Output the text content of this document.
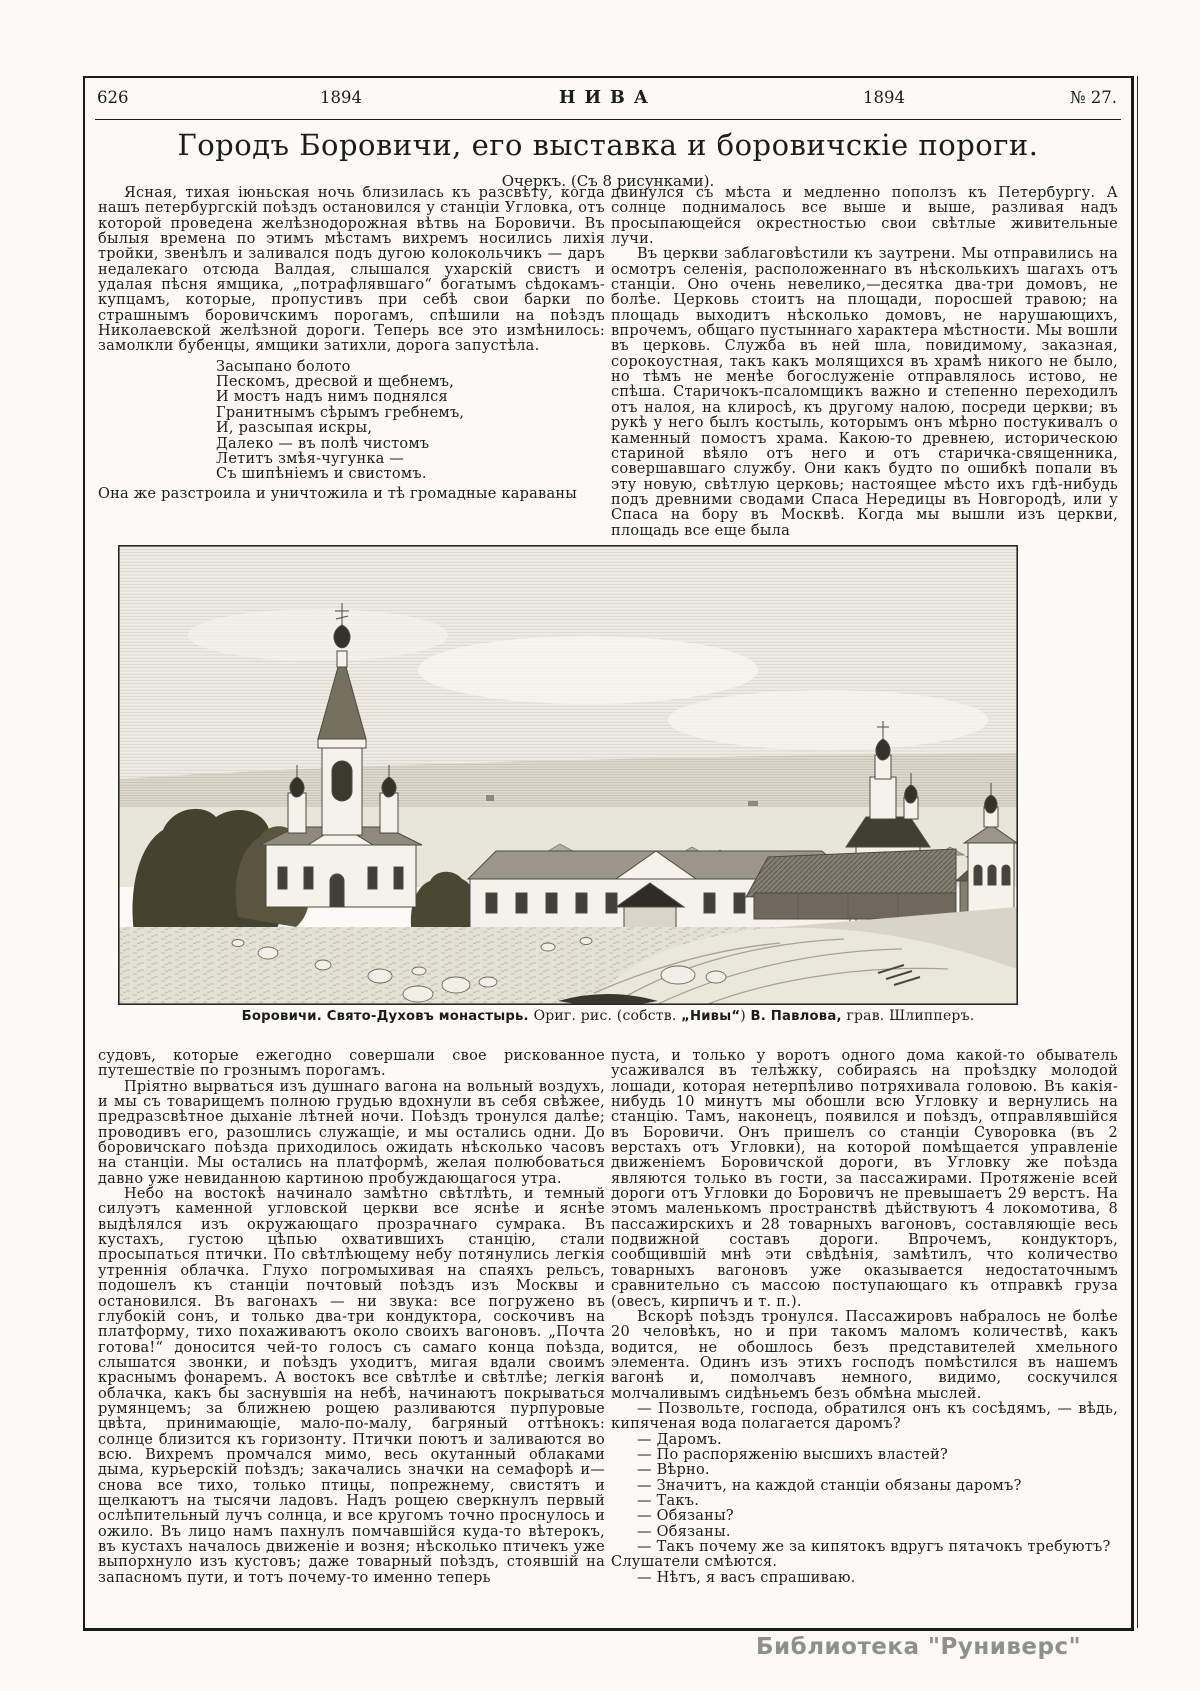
626	1894	НИВА	1894	№ 27.
Городъ Боровичи, его выставка и боровичскіе пороги.
Очеркъ. (Съ 8 рисунками).

Ясная, тихая іюньская ночь близилась къ разсвѣту, когда нашъ петербургскій поѣздъ остановился у станціи Угловка, отъ которой проведена желѣзнодорожная вѣтвь на Боровичи. Въ былыя времена по этимъ мѣстамъ вихремъ носились лихія тройки, звенѣлъ и заливался подъ дугою колокольчикъ — даръ недалекаго отсюда Валдая, слышался ухарскій свистъ и удалая пѣсня ямщика, „потрафлявшаго“ богатымъ сѣдокамъ-купцамъ, которые, пропустивъ при себѣ свои барки по страшнымъ боровичскимъ порогамъ, спѣшили на поѣздъ Николаевской желѣзной дороги. Теперь все это измѣнилось: замолкли бубенцы, ямщики затихли, дорога запустѣла.

Засыпано болото

Пескомъ, дресвой и щебнемъ,

И мостъ надъ нимъ поднялся

Гранитнымъ сѣрымъ гребнемъ,

И, разсыпая искры,

Далеко — въ полѣ чистомъ

Летитъ змѣя-чугунка —

Съ шипѣніемъ и свистомъ.

Она же разстроила и уничтожила и тѣ громадные караваны

двинулся съ мѣста и медленно поползъ къ Петербургу. А солнце поднималось все выше и выше, разливая надъ просыпающейся окрестностью свои свѣтлые живительные лучи.

Въ церкви заблаговѣстили къ заутрени. Мы отправились на осмотръ селенія, расположеннаго въ нѣсколькихъ шагахъ отъ станціи. Оно очень невелико,—десятка два-три домовъ, не болѣе. Церковь стоитъ на площади, поросшей травою; на площадь выходитъ нѣсколько домовъ, не нарушающихъ, впрочемъ, общаго пустыннаго характера мѣстности. Мы вошли въ церковь. Служба въ ней шла, повидимому, заказная, сорокоустная, такъ какъ молящихся въ храмѣ никого не было, но тѣмъ не менѣе богослуженіе отправлялось истово, не спѣша. Старичокъ-псаломщикъ важно и степенно переходилъ отъ налоя, на клиросѣ, къ другому налою, посреди церкви; въ рукѣ у него былъ костыль, которымъ онъ мѣрно постукивалъ о каменный помостъ храма. Какою-то древнею, историческою стариной вѣяло отъ него и отъ старичка-священника, совершавшаго службу. Они какъ будто по ошибкѣ попали въ эту новую, свѣтлую церковь; настоящее мѣсто ихъ гдѣ-нибудь подъ древними сводами Спаса Нередицы въ Новгородѣ, или у Спаса на бору въ Москвѣ. Когда мы вышли изъ церкви, площадь все еще была

Боровичи. Свято-Духовъ монастырь. Ориг. рис. (собств. „Нивы“) В. Павлова, грав. Шлипперъ.

судовъ, которые ежегодно совершали свое рискованное путешествіе по грознымъ порогамъ.

Пріятно вырваться изъ душнаго вагона на вольный воздухъ, и мы съ товарищемъ полною грудью вдохнули въ себя свѣжее, предразсвѣтное дыханіе лѣтней ночи. Поѣздъ тронулся далѣе; проводивъ его, разошлись служащіе, и мы остались одни. До боровичскаго поѣзда приходилось ожидать нѣсколько часовъ на станціи. Мы остались на платформѣ, желая полюбоваться давно уже невиданною картиною пробуждающагося утра.

Небо на востокѣ начинало замѣтно свѣтлѣть, и темный силуэтъ каменной угловской церкви все яснѣе и яснѣе выдѣлялся изъ окружающаго прозрачнаго сумрака. Въ кустахъ, густою цѣпью охватившихъ станцію, стали просыпаться птички. По свѣтлѣющему небу потянулись легкія утреннія облачка. Глухо погромыхивая на спаяхъ рельсъ, подошелъ къ станціи почтовый поѣздъ изъ Москвы и остановился. Въ вагонахъ — ни звука: все погружено въ глубокій сонъ, и только два-три кондуктора, соскочивъ на платформу, тихо похаживаютъ около своихъ вагоновъ. „Почта готова!“ доносится чей-то голосъ съ самаго конца поѣзда, слышатся звонки, и поѣздъ уходитъ, мигая вдали своимъ краснымъ фонаремъ. А востокъ все свѣтлѣе и свѣтлѣе; легкія облачка, какъ бы заснувшія на небѣ, начинаютъ покрываться румянцемъ; за ближнею рощею разливаются пурпуровые цвѣта, принимающіе, мало-по-малу, багряный оттѣнокъ: солнце близится къ горизонту. Птички поютъ и заливаются во всю. Вихремъ промчался мимо, весь окутанный облаками дыма, курьерскій поѣздъ; закачались значки на семафорѣ и—снова все тихо, только птицы, попрежнему, свистятъ и щелкаютъ на тысячи ладовъ. Надъ рощею сверкнулъ первый ослѣпительный лучъ солнца, и все кругомъ точно проснулось и ожило. Въ лицо намъ пахнулъ помчавшійся куда-то вѣтерокъ, въ кустахъ началось движеніе и возня; нѣсколько птичекъ уже выпорхнуло изъ кустовъ; даже товарный поѣздъ, стоявшій на запасномъ пути, и тотъ почему-то именно теперь

пуста, и только у воротъ одного дома какой-то обыватель усаживался въ телѣжку, собираясь на проѣздку молодой лошади, которая нетерпѣливо потряхивала головою. Въ какія-нибудь 10 минутъ мы обошли всю Угловку и вернулись на станцію. Тамъ, наконецъ, появился и поѣздъ, отправлявшійся въ Боровичи. Онъ пришелъ со станціи Суворовка (въ 2 верстахъ отъ Угловки), на которой помѣщается управленіе движеніемъ Боровичской дороги, въ Угловку же поѣзда являются только въ гости, за пассажирами. Протяженіе всей дороги отъ Угловки до Боровичъ не превышаетъ 29 верстъ. На этомъ маленькомъ пространствѣ дѣйствуютъ 4 локомотива, 8 пассажирскихъ и 28 товарныхъ вагоновъ, составляющіе весь подвижной составъ дороги. Впрочемъ, кондукторъ, сообщившій мнѣ эти свѣдѣнія, замѣтилъ, что количество товарныхъ вагоновъ уже оказывается недостаточнымъ сравнительно съ массою поступающаго къ отправкѣ груза (овесъ, кирпичъ и т. п.).

Вскорѣ поѣздъ тронулся. Пассажировъ набралось не болѣе 20 человѣкъ, но и при такомъ маломъ количествѣ, какъ водится, не обошлось безъ представителей хмельного элемента. Одинъ изъ этихъ господъ помѣстился въ нашемъ вагонѣ и, помолчавъ немного, видимо, соскучился молчаливымъ сидѣньемъ безъ обмѣна мыслей.

— Позвольте, господа, обратился онъ къ сосѣдямъ, — вѣдь, кипяченая вода полагается даромъ?

— Даромъ.

— По распоряженію высшихъ властей?

— Вѣрно.

— Значитъ, на каждой станціи обязаны даромъ?

— Такъ.

— Обязаны?

— Обязаны.

— Такъ почему же за кипятокъ вдругъ пятачокъ требуютъ?

Слушатели смѣются.

— Нѣтъ, я васъ спрашиваю.

Библиотека "Руниверс"
